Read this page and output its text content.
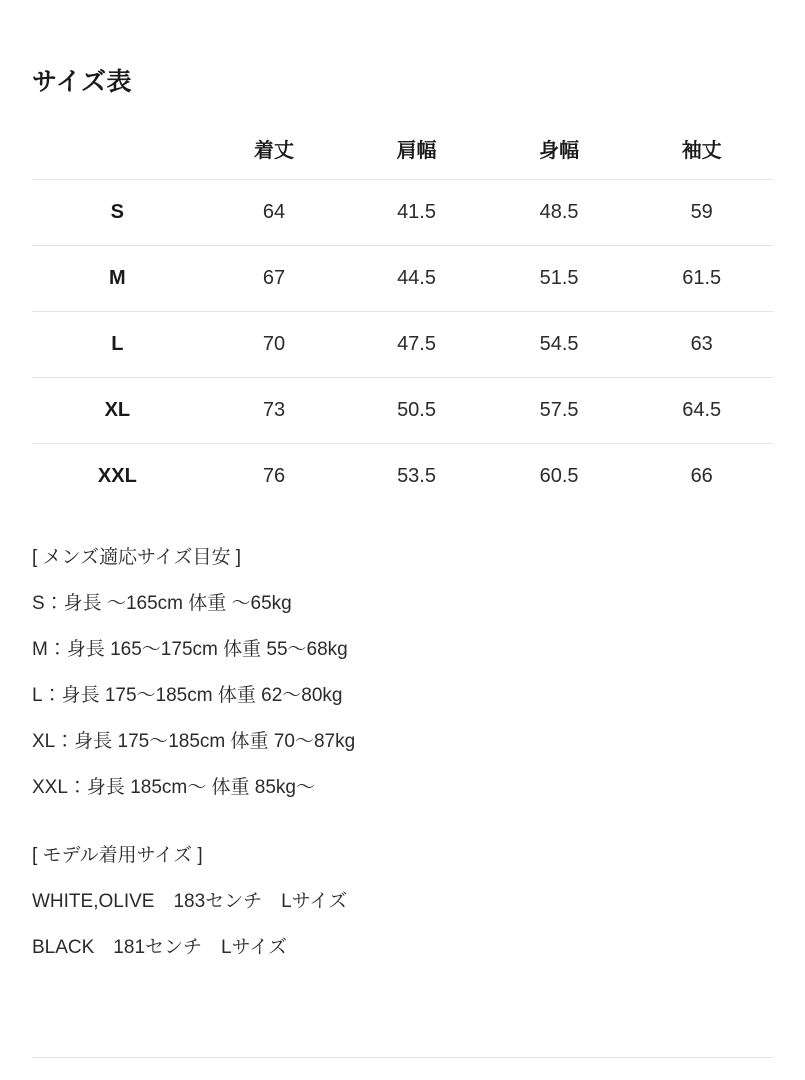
サイズ表
	着丈	肩幅	身幅	袖丈
S	64	41.5	48.5	59
M	67	44.5	51.5	61.5
L	70	47.5	54.5	63
XL	73	50.5	57.5	64.5
XXL	76	53.5	60.5	66
[ メンズ適応サイズ目安 ]
S：身長 〜165cm 体重 〜65kg
M：身長 165〜175cm 体重 55〜68kg
L：身長 175〜185cm 体重 62〜80kg
XL：身長 175〜185cm 体重 70〜87kg
XXL：身長 185cm〜 体重 85kg〜
[ モデル着用サイズ ]
WHITE,OLIVE　183センチ　Lサイズ
BLACK　181センチ　Lサイズ
